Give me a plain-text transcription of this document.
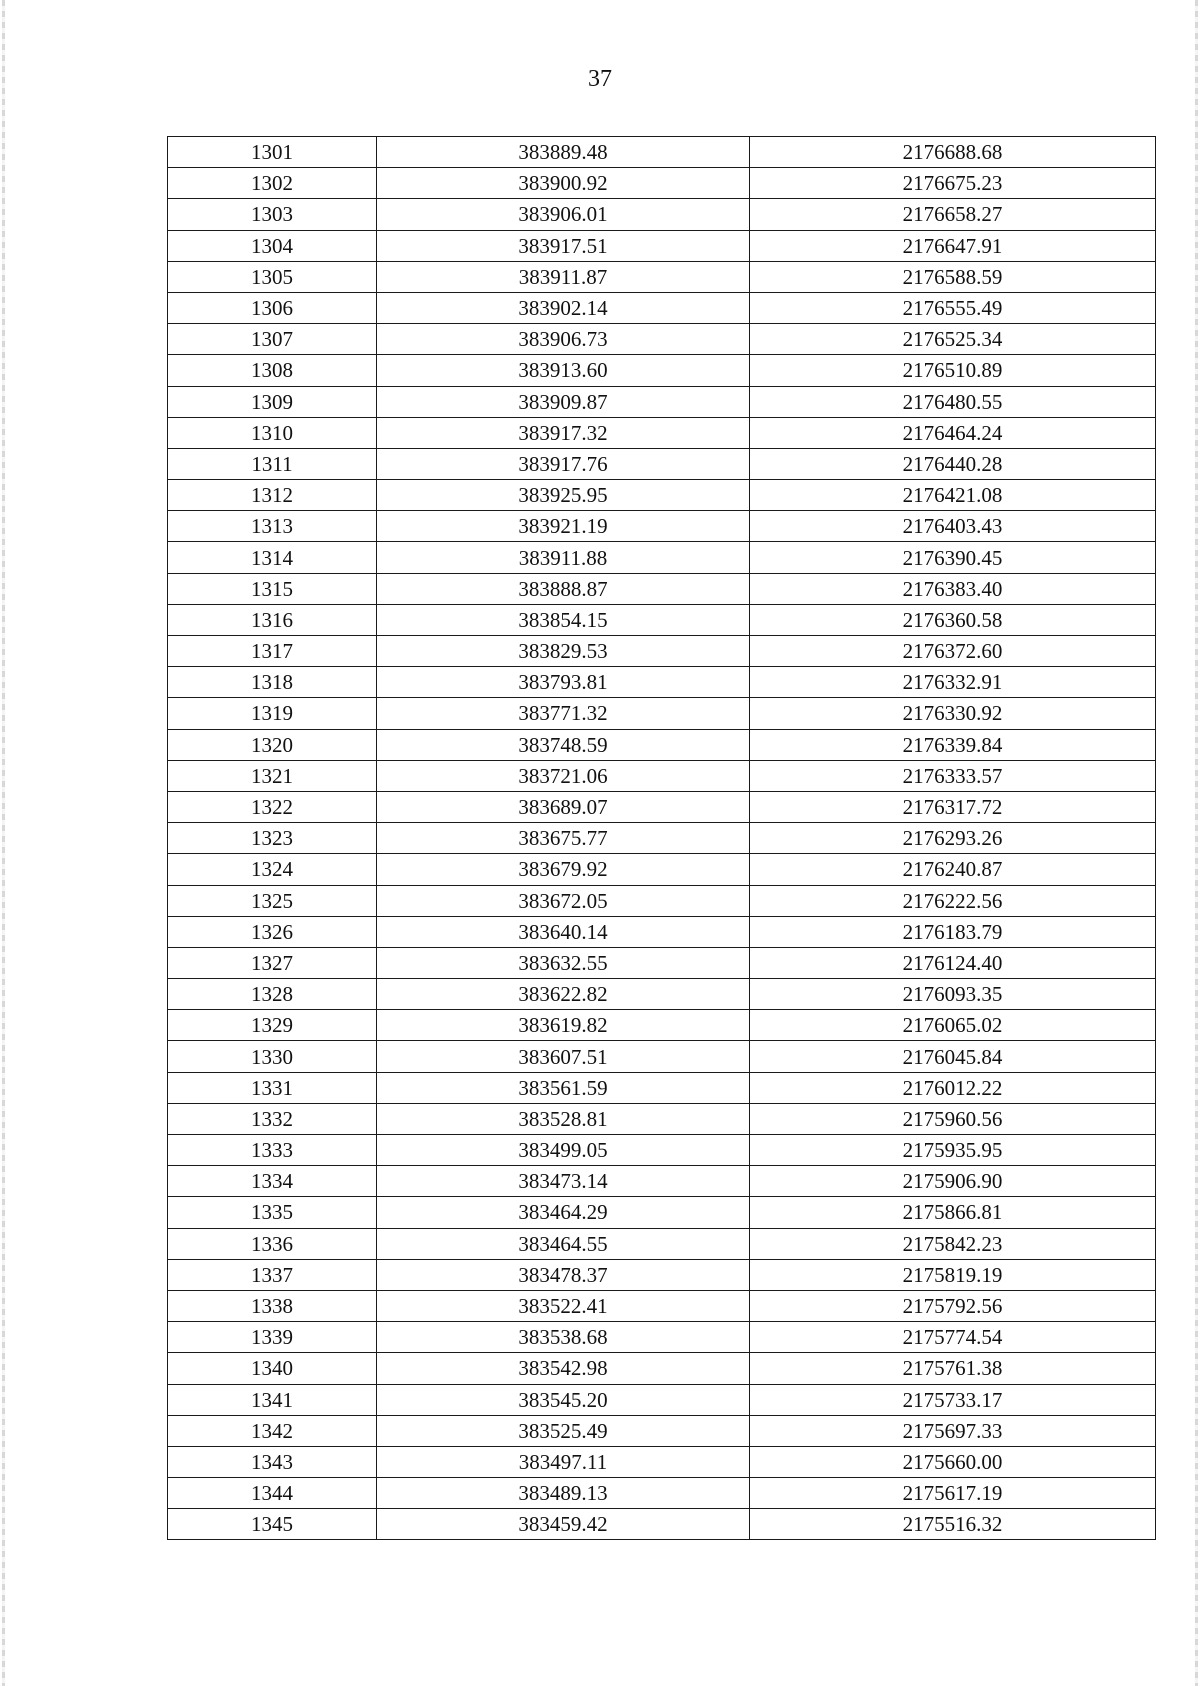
37
1301	383889.48	2176688.68
1302	383900.92	2176675.23
1303	383906.01	2176658.27
1304	383917.51	2176647.91
1305	383911.87	2176588.59
1306	383902.14	2176555.49
1307	383906.73	2176525.34
1308	383913.60	2176510.89
1309	383909.87	2176480.55
1310	383917.32	2176464.24
1311	383917.76	2176440.28
1312	383925.95	2176421.08
1313	383921.19	2176403.43
1314	383911.88	2176390.45
1315	383888.87	2176383.40
1316	383854.15	2176360.58
1317	383829.53	2176372.60
1318	383793.81	2176332.91
1319	383771.32	2176330.92
1320	383748.59	2176339.84
1321	383721.06	2176333.57
1322	383689.07	2176317.72
1323	383675.77	2176293.26
1324	383679.92	2176240.87
1325	383672.05	2176222.56
1326	383640.14	2176183.79
1327	383632.55	2176124.40
1328	383622.82	2176093.35
1329	383619.82	2176065.02
1330	383607.51	2176045.84
1331	383561.59	2176012.22
1332	383528.81	2175960.56
1333	383499.05	2175935.95
1334	383473.14	2175906.90
1335	383464.29	2175866.81
1336	383464.55	2175842.23
1337	383478.37	2175819.19
1338	383522.41	2175792.56
1339	383538.68	2175774.54
1340	383542.98	2175761.38
1341	383545.20	2175733.17
1342	383525.49	2175697.33
1343	383497.11	2175660.00
1344	383489.13	2175617.19
1345	383459.42	2175516.32
